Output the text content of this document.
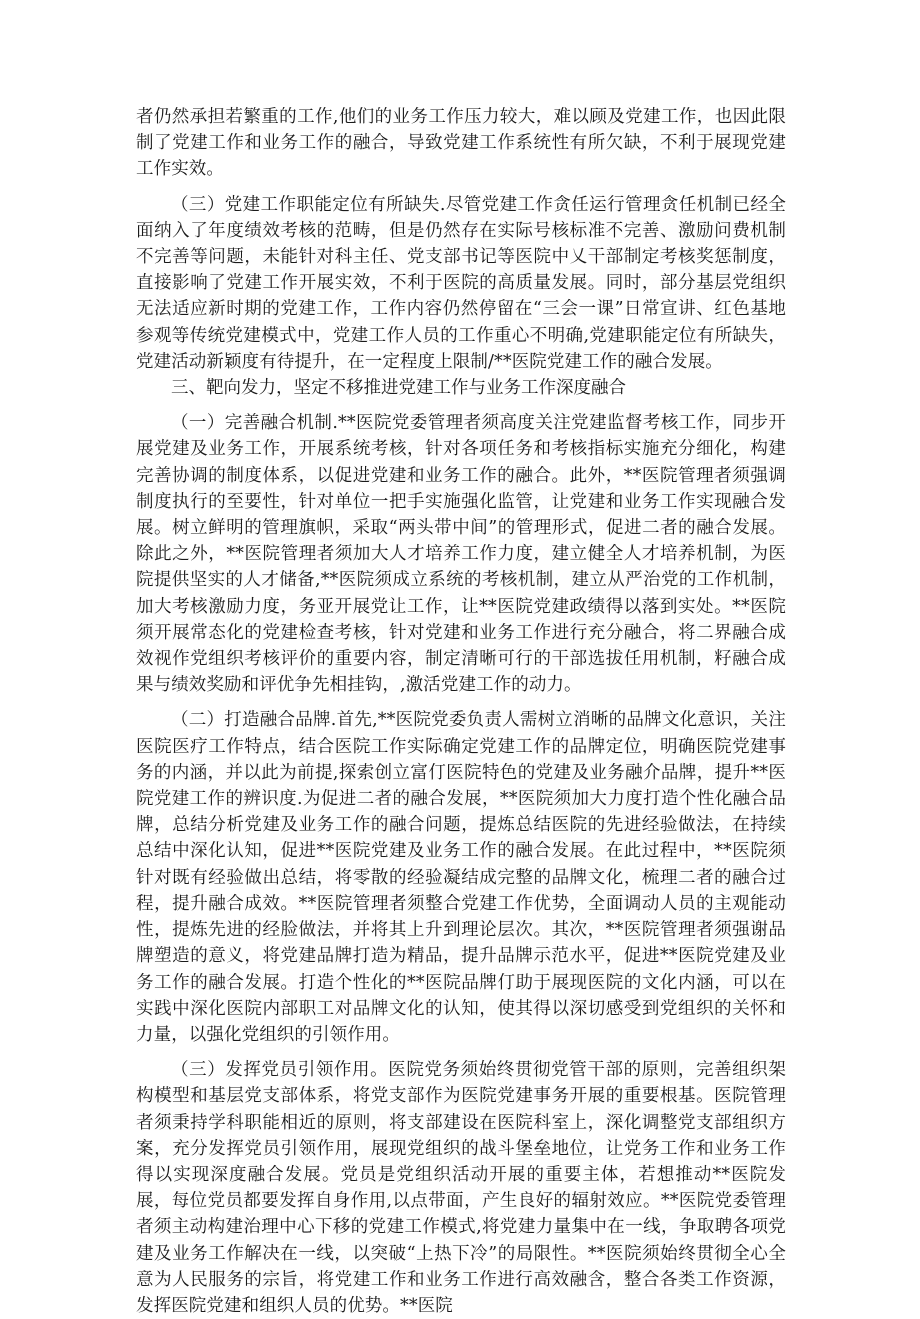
者仍然承担若繁重的工作,他们的业务工作压力较大，难以顾及党建工作，也因此限制了党建工作和业务工作的融合，导致党建工作系统性有所欠缺，不利于展现党建工作实效。

（三）党建工作职能定位有所缺失.尽管党建工作贪任运行管理贪任机制已经全面纳入了年度绩效考核的范畴，但是仍然存在实际号核标准不完善、激励问费机制不完善等问题，未能针对科主任、党支部书记等医院中乂干部制定考核奖惩制度，直接影响了党建工作开展实效，不利于医院的高质量发展。同时，部分基层党组织无法适应新时期的党建工作，工作内容仍然停留在“三会一课”日常宣讲、红色基地参观等传统党建模式中，党建工作人员的工作重心不明确,党建职能定位有所缺失，党建活动新颖度有待提升，在一定程度上限制/**医院党建工作的融合发展。

三、靶向发力，坚定不移推进党建工作与业务工作深度融合

（一）完善融合机制.**医院党委管理者须高度关注党建监督考核工作，同步开展党建及业务工作，开展系统考核，针对各项任务和考核指标实施充分细化，构建完善协调的制度体系，以促进党建和业务工作的融合。此外，**医院管理者须强调制度执行的至要性，针对单位一把手实施强化监管，让党建和业务工作实现融合发展。树立鲜明的管理旗帜，采取“两头带中间”的管理形式，促进二者的融合发展。除此之外，**医院管理者须加大人才培养工作力度，建立健全人才培养机制，为医院提供坚实的人才储备,**医院须成立系统的考核机制，建立从严治党的工作机制，加大考核激励力度，务亚开展党让工作，让**医院党建政绩得以落到实处。**医院须开展常态化的党建检查考核，针对党建和业务工作进行充分融合，将二界融合成效视作党组织考核评价的重要内容，制定清晰可行的干部选拔任用机制，籽融合成果与绩效奖励和评优争先相挂钩，,激活党建工作的动力。

（二）打造融合品牌.首先,**医院党委负责人需树立消晰的品牌文化意识，关注医院医疗工作特点，结合医院工作实际确定党建工作的品牌定位，明确医院党建事务的内涵，并以此为前提,探索创立富仃医院特色的党建及业务融介品牌，提升**医院党建工作的辨识度.为促进二者的融合发展，**医院须加大力度打造个性化融合品牌，总结分析党建及业务工作的融合问题，提炼总结医院的先进经验做法，在持续总结中深化认知，促进**医院党建及业务工作的融合发展。在此过程中，**医院须针对既有经验做出总结，将零散的经验凝结成完整的品牌文化，梳理二者的融合过程，提升融合成效。**医院管理者须整合党建工作优势，全面调动人员的主观能动性，提炼先进的经脸做法，并将其上升到理论层次。其次，**医院管理者须强谢品牌塑造的意义，将党建品牌打造为精品，提升品牌示范水平，促进**医院党建及业务工作的融合发展。打造个性化的**医院品牌仃助于展现医院的文化内涵，可以在实践中深化医院内部职工对品牌文化的认知，使其得以深切感受到党组织的关怀和力量，以强化党组织的引领作用。

（三）发挥党员引领作用。医院党务须始终贯彻党管干部的原则，完善组织架构模型和基层党支部体系，将党支部作为医院党建事务开展的重要根基。医院管理者须秉持学科职能相近的原则，将支部建设在医院科室上，深化调整党支部组织方案，充分发挥党员引领作用，展现党组织的战斗堡垒地位，让党务工作和业务工作得以实现深度融合发展。党员是党组织活动开展的重要主体，若想推动**医院发展，每位党员都要发挥自身作用,以点带面，产生良好的辐射效应。**医院党委管理者须主动构建治理中心下移的党建工作模式,将党建力量集中在一线，争取聘各项党建及业务工作解决在一线，以突破“上热下冷”的局限性。**医院须始终贯彻全心全意为人民服务的宗旨，将党建工作和业务工作进行高效融含，整合各类工作资源，发挥医院党建和组织人员的优势。**医院
